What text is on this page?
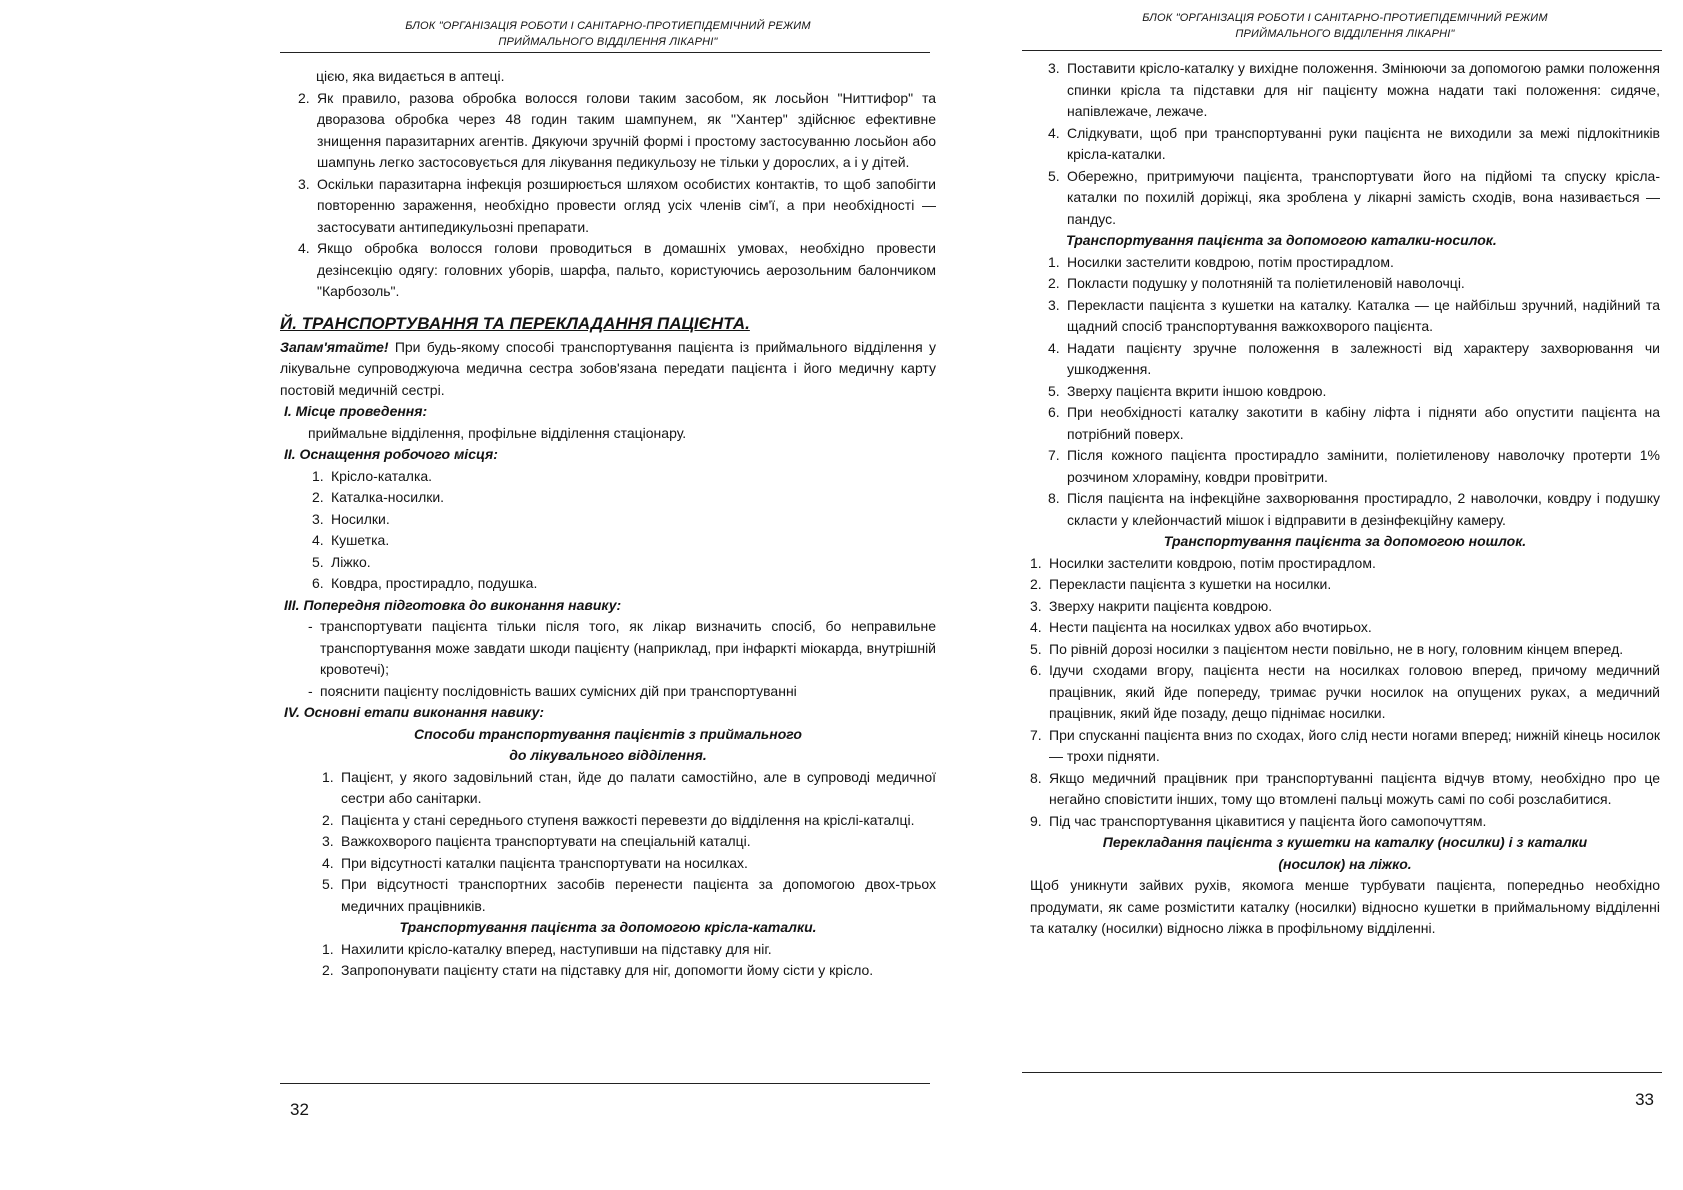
БЛОК "ОРГАНІЗАЦІЯ РОБОТИ І САНІТАРНО-ПРОТИЕПІДЕМІЧНИЙ РЕЖИМ
ПРИЙМАЛЬНОГО ВІДДІЛЕННЯ ЛІКАРНІ"

цією, яка видається в аптеці.

2. Як правило, разова обробка волосся голови таким засобом, як лосьйон "Ниттифор" та дворазова обробка через 48 годин таким шампунем, як "Хантер" здійснює ефективне знищення паразитарних агентів. Дякуючи зручній формі і простому застосуванню лосьйон або шампунь легко застосовується для лікування педикульозу не тільки у дорослих, а і у дітей.

3. Оскільки паразитарна інфекція розширюється шляхом особистих контактів, то щоб запобігти повторенню зараження, необхідно провести огляд усіх членів сім'ї, а при необхідності — застосувати антипедикульозні препарати.

4. Якщо обробка волосся голови проводиться в домашніх умовах, необхідно провести дезінсекцію одягу: головних уборів, шарфа, пальто, користуючись аерозольним балончиком "Карбозоль".

Й. ТРАНСПОРТУВАННЯ ТА ПЕРЕКЛАДАННЯ ПАЦІЄНТА.

Запам'ятайте! При будь-якому способі транспортування пацієнта із приймального відділення у лікувальне супроводжуюча медична сестра зобов'язана передати пацієнта і його медичну карту постовій медичній сестрі.

I. Місце проведення:

приймальне відділення, профільне відділення стаціонару.

II. Оснащення робочого місця:

1. Крісло-каталка.

2. Каталка-носилки.

3. Носилки.

4. Кушетка.

5. Ліжко.

6. Ковдра, простирадло, подушка.

III. Попередня підготовка до виконання навику:

- транспортувати пацієнта тільки після того, як лікар визначить спосіб, бо неправильне транспортування може завдати шкоди пацієнту (наприклад, при інфаркті міокарда, внутрішній кровотечі);

- пояснити пацієнту послідовність ваших сумісних дій при транспортуванні

IV. Основні етапи виконання навику:

Способи транспортування пацієнтів з приймального

до лікувального відділення.

1. Пацієнт, у якого задовільний стан, йде до палати самостійно, але в супроводі медичної сестри або санітарки.

2. Пацієнта у стані середнього ступеня важкості перевезти до відділення на кріслі-каталці.

3. Важкохворого пацієнта транспортувати на спеціальній каталці.

4. При відсутності каталки пацієнта транспортувати на носилках.

5. При відсутності транспортних засобів перенести пацієнта за допомогою двох-трьох медичних працівників.

Транспортування пацієнта за допомогою крісла-каталки.

1. Нахилити крісло-каталку вперед, наступивши на підставку для ніг.

2. Запропонувати пацієнту стати на підставку для ніг, допомогти йому сісти у крісло.

32
БЛОК "ОРГАНІЗАЦІЯ РОБОТИ І САНІТАРНО-ПРОТИЕПІДЕМІЧНИЙ РЕЖИМ
ПРИЙМАЛЬНОГО ВІДДІЛЕННЯ ЛІКАРНІ"

3. Поставити крісло-каталку у вихідне положення. Змінюючи за допомогою рамки положення спинки крісла та підставки для ніг пацієнту можна надати такі положення: сидяче, напівлежаче, лежаче.

4. Слідкувати, щоб при транспортуванні руки пацієнта не виходили за межі підлокітників крісла-каталки.

5. Обережно, притримуючи пацієнта, транспортувати його на підйомі та спуску крісла-каталки по похилій доріжці, яка зроблена у лікарні замість сходів, вона називається — пандус.

Транспортування пацієнта за допомогою каталки-носилок.

1. Носилки застелити ковдрою, потім простирадлом.

2. Покласти подушку у полотняній та поліетиленовій наволочці.

3. Перекласти пацієнта з кушетки на каталку. Каталка — це найбільш зручний, надійний та щадний спосіб транспортування важкохворого пацієнта.

4. Надати пацієнту зручне положення в залежності від характеру захворювання чи ушкодження.

5. Зверху пацієнта вкрити іншою ковдрою.

6. При необхідності каталку закотити в кабіну ліфта і підняти або опустити пацієнта на потрібний поверх.

7. Після кожного пацієнта простирадло замінити, поліетиленову наволочку протерти 1% розчином хлораміну, ковдри провітрити.

8. Після пацієнта на інфекційне захворювання простирадло, 2 наволочки, ковдру і подушку скласти у клейончастий мішок і відправити в дезінфекційну камеру.

Транспортування пацієнта за допомогою ношлок.

1. Носилки застелити ковдрою, потім простирадлом.

2. Перекласти пацієнта з кушетки на носилки.

3. Зверху накрити пацієнта ковдрою.

4. Нести пацієнта на носилках удвох або вчотирьох.

5. По рівній дорозі носилки з пацієнтом нести повільно, не в ногу, головним кінцем вперед.

6. Ідучи сходами вгору, пацієнта нести на носилках головою вперед, причому медичний працівник, який йде попереду, тримає ручки носилок на опущених руках, а медичний працівник, який йде позаду, дещо піднімає носилки.

7. При спусканні пацієнта вниз по сходах, його слід нести ногами вперед; нижній кінець носилок — трохи підняти.

8. Якщо медичний працівник при транспортуванні пацієнта відчув втому, необхідно про це негайно сповістити інших, тому що втомлені пальці можуть самі по собі розслабитися.

9. Під час транспортування цікавитися у пацієнта його самопочуттям.

Перекладання пацієнта з кушетки на каталку (носилки) і з каталки

(носилок) на ліжко.

Щоб уникнути зайвих рухів, якомога менше турбувати пацієнта, попередньо необхідно продумати, як саме розмістити каталку (носилки) відносно кушетки в приймальному відділенні та каталку (носилки) відносно ліжка в профільному відділенні.

33
